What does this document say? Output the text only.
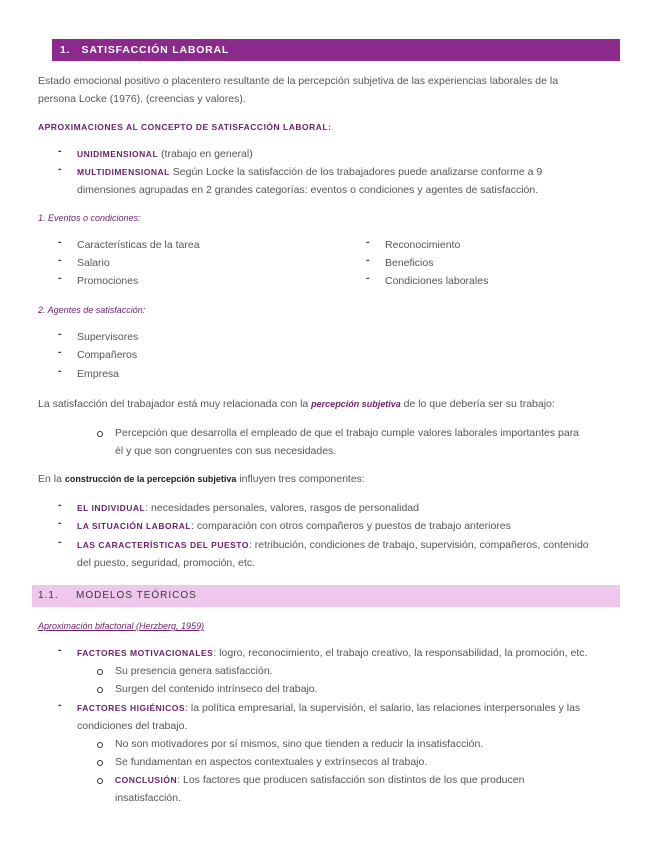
1. SATISFACCIÓN LABORAL
Estado emocional positivo o placentero resultante de la percepción subjetiva de las experiencias laborales de la
persona Locke (1976). (creencias y valores).
APROXIMACIONES AL CONCEPTO DE SATISFACCIÓN LABORAL:
- UNIDIMENSIONAL (trabajo en general)
- MULTIDIMENSIONAL Según Locke la satisfacción de los trabajadores puede analizarse conforme a 9
dimensiones agrupadas en 2 grandes categorías: eventos o condiciones y agentes de satisfacción.
1. Eventos o condiciones:
- Características de la tarea
- Salario
- Promociones
- Reconocimiento
- Beneficios
- Condiciones laborales
2. Agentes de satisfacción:
- Supervisores
- Compañeros
- Empresa
La satisfacción del trabajador está muy relacionada con la percepción subjetiva de lo que debería ser su trabajo:
Percepción que desarrolla el empleado de que el trabajo cumple valores laborales importantes para
él y que son congruentes con sus necesidades.
En la construcción de la percepción subjetiva influyen tres componentes:
- EL INDIVIDUAL: necesidades personales, valores, rasgos de personalidad
- LA SITUACIÓN LABORAL: comparación con otros compañeros y puestos de trabajo anteriores
- LAS CARACTERÍSTICAS DEL PUESTO: retribución, condiciones de trabajo, supervisión, compañeros, contenido
del puesto, seguridad, promoción, etc.
1.1. MODELOS TEÓRICOS
Aproximación bifactorial (Herzberg, 1959)
- FACTORES MOTIVACIONALES: logro, reconocimiento, el trabajo creativo, la responsabilidad, la promoción, etc.
Su presencia genera satisfacción.
Surgen del contenido intrínseco del trabajo.
- FACTORES HIGIÉNICOS: la política empresarial, la supervisión, el salario, las relaciones interpersonales y las
condiciones del trabajo.
No son motivadores por sí mismos, sino que tienden a reducir la insatisfacción.
Se fundamentan en aspectos contextuales y extrínsecos al trabajo.
CONCLUSIÓN: Los factores que producen satisfacción son distintos de los que producen
insatisfacción.
